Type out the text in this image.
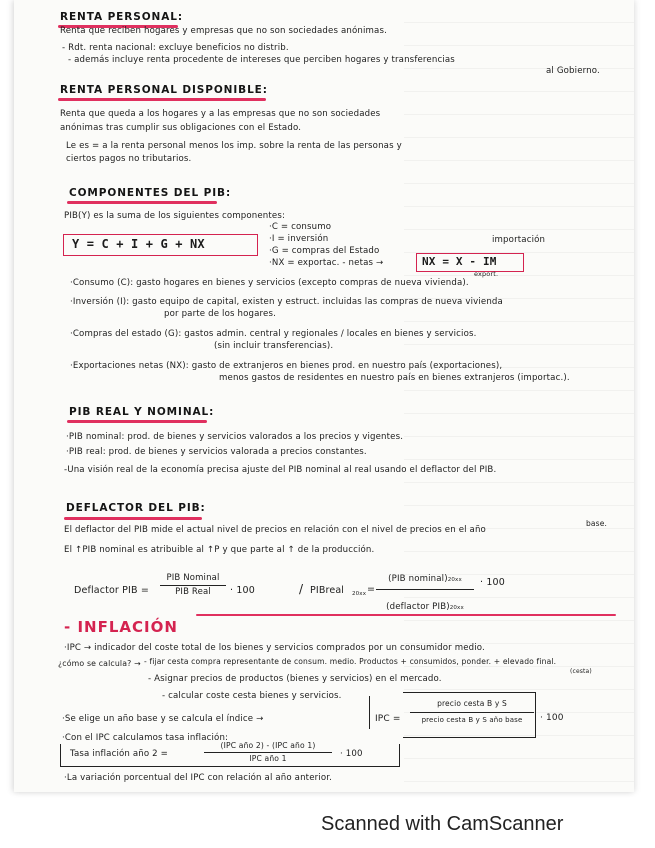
RENTA PERSONAL:
Renta que reciben hogares y empresas que no son sociedades anónimas.
- Rdt. renta nacional: excluye beneficios no distrib.
- además incluye renta procedente de intereses que perciben hogares y transferencias
al Gobierno.
RENTA PERSONAL DISPONIBLE:
Renta que queda a los hogares y a las empresas que no son sociedades
anónimas tras cumplir sus obligaciones con el Estado.
Le es = a la renta personal menos los imp. sobre la renta de las personas y
ciertos pagos no tributarios.
COMPONENTES DEL PIB:
PIB(Y) es la suma de los siguientes componentes:
Y = C + I + G + NX
·C = consumo
·I = inversión
·G = compras del Estado
·NX = exportac. - netas →	NX = X - IM
importación
export.
·Consumo (C): gasto hogares en bienes y servicios (excepto compras de nueva vivienda).
·Inversión (I): gasto equipo de capital, existen y estruct. incluidas las compras de nueva vivienda
por parte de los hogares.
·Compras del estado (G): gastos admin. central y regionales / locales en bienes y servicios.
(sin incluir transferencias).
·Exportaciones netas (NX): gasto de extranjeros en bienes prod. en nuestro país (exportaciones),
menos gastos de residentes en nuestro país en bienes extranjeros (importac.).
PIB REAL Y NOMINAL:
·PIB nominal: prod. de bienes y servicios valorados a los precios y vigentes.
·PIB real: prod. de bienes y servicios valorada a precios constantes.
-Una visión real de la economía precisa ajuste del PIB nominal al real usando el deflactor del PIB.
DEFLACTOR DEL PIB:
El deflactor del PIB mide el actual nivel de precios en relación con el nivel de precios en el año
base.
El ↑PIB nominal es atribuible al ↑P y que parte al ↑ de la producción.
Deflactor PIB =
PIB Nominal
PIB Real	· 100	/ PIBreal 20xx =
(PIB nominal)20xx
(deflactor PIB)20xx
· 100
- INFLACIÓN
·IPC → indicador del coste total de los bienes y servicios comprados por un consumidor medio.
¿cómo se calcula? → - fijar cesta compra representante de consum. medio. Productos + consumidos, ponder. + elevado final.
(cesta)
- Asignar precios de productos (bienes y servicios) en el mercado.
- calcular coste cesta bienes y servicios.
·Se elige un año base y se calcula el índice →	IPC =
precio cesta B y S
precio cesta B y S año base	· 100
·Con el IPC calculamos tasa inflación:
Tasa inflación año 2 =
(IPC año 2) - (IPC año 1)
IPC año 1	· 100
·La variación porcentual del IPC con relación al año anterior.
Scanned with CamScanner
